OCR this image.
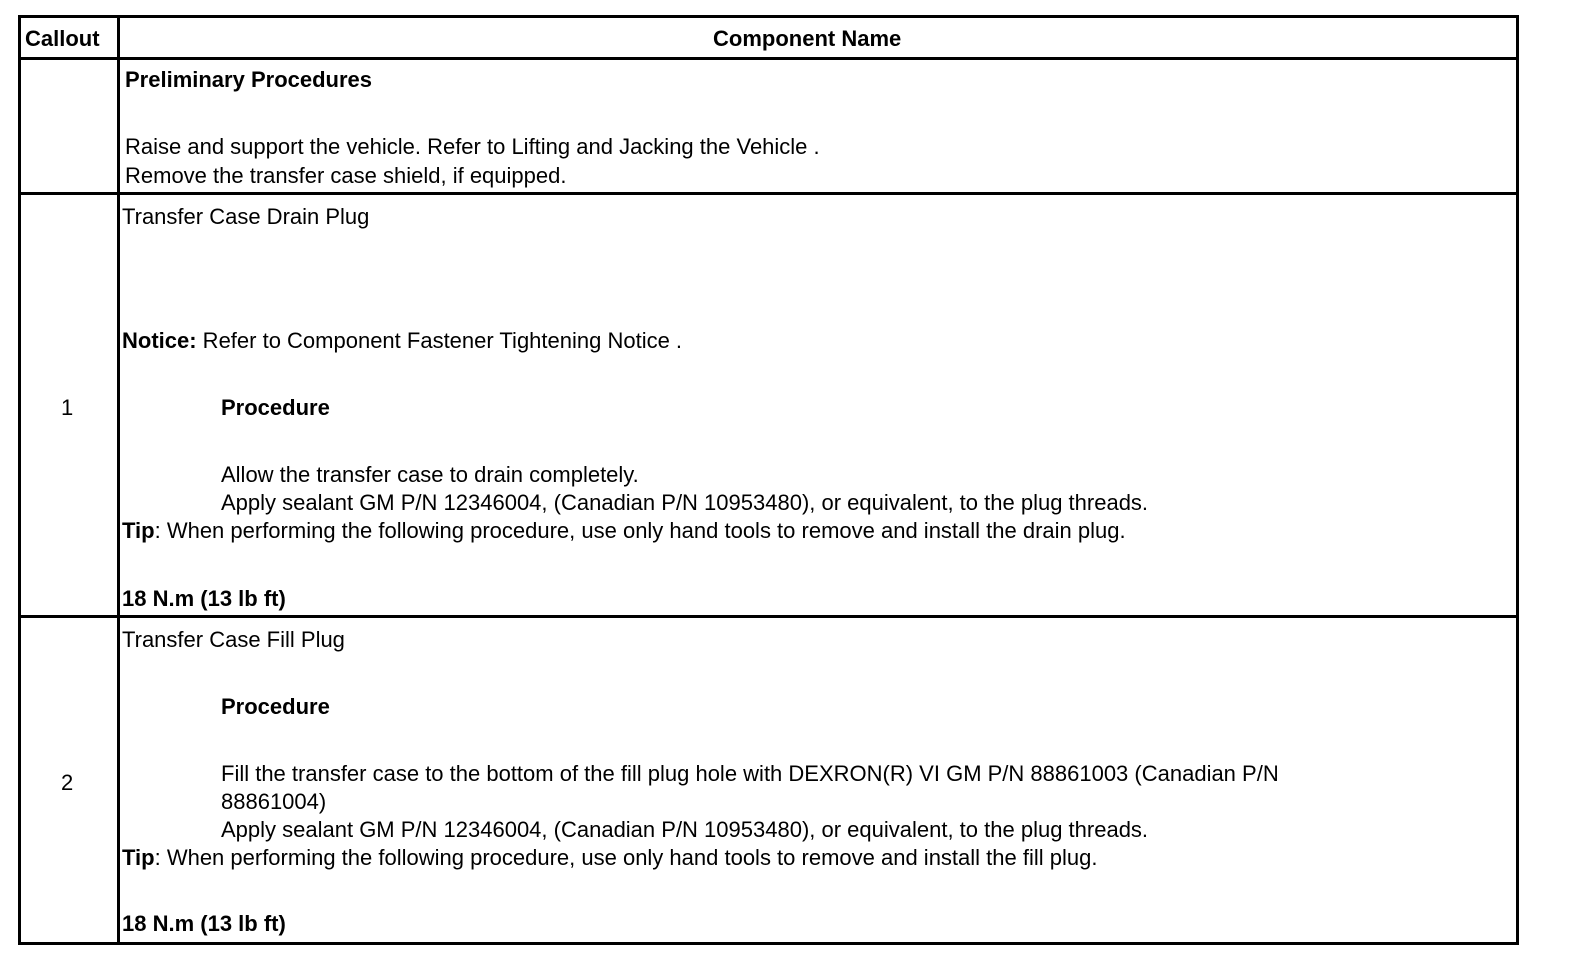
Callout	Component Name
Preliminary Procedures
Raise and support the vehicle. Refer to Lifting and Jacking the Vehicle .
Remove the transfer case shield, if equipped.
1
Transfer Case Drain Plug
Notice: Refer to Component Fastener Tightening Notice .
Procedure
Allow the transfer case to drain completely.
Apply sealant GM P/N 12346004, (Canadian P/N 10953480), or equivalent, to the plug threads.
Tip: When performing the following procedure, use only hand tools to remove and install the drain plug.
18 N.m (13 lb ft)
2
Transfer Case Fill Plug
Procedure
Fill the transfer case to the bottom of the fill plug hole with DEXRON(R) VI GM P/N 88861003 (Canadian P/N
88861004)
Apply sealant GM P/N 12346004, (Canadian P/N 10953480), or equivalent, to the plug threads.
Tip: When performing the following procedure, use only hand tools to remove and install the fill plug.
18 N.m (13 lb ft)
